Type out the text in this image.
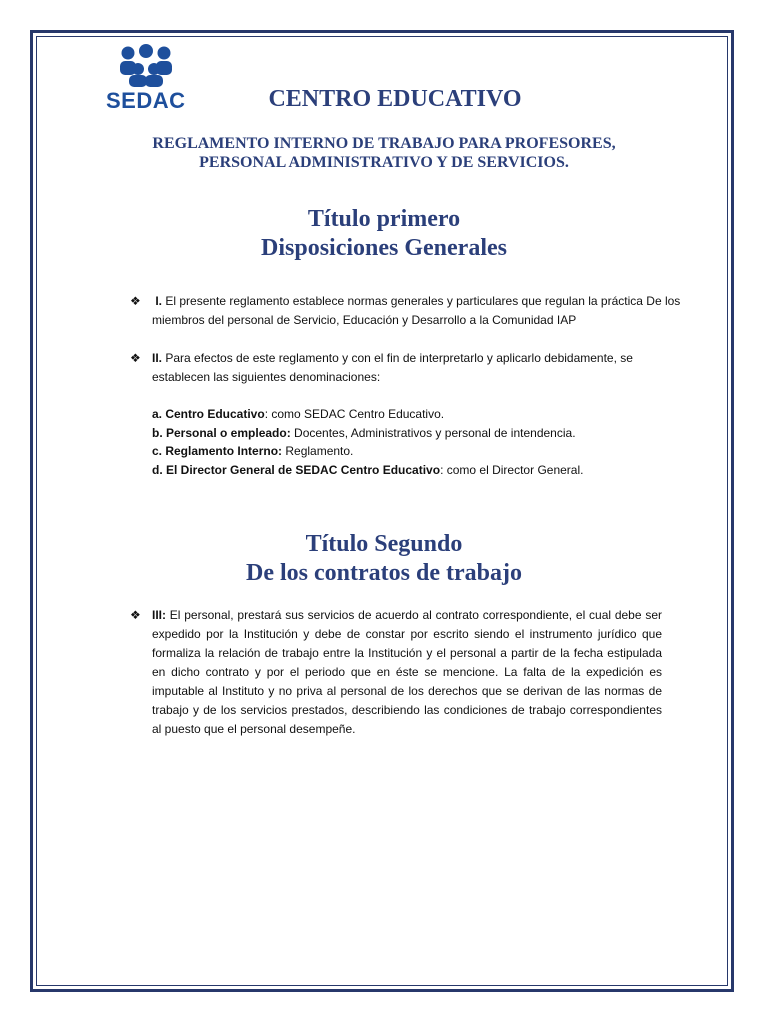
SEDAC	CENTRO EDUCATIVO
REGLAMENTO INTERNO DE TRABAJO PARA PROFESORES,
PERSONAL ADMINISTRATIVO Y DE SERVICIOS.
Título primero
Disposiciones Generales
❖ I. El presente reglamento establece normas generales y particulares que regulan la práctica De los miembros del personal de Servicio, Educación y Desarrollo a la Comunidad IAP
❖ II. Para efectos de este reglamento y con el fin de interpretarlo y aplicarlo debidamente, se establecen las siguientes denominaciones:
a. Centro Educativo: como SEDAC Centro Educativo.
b. Personal o empleado: Docentes, Administrativos y personal de intendencia.
c. Reglamento Interno: Reglamento.
d. El Director General de SEDAC Centro Educativo: como el Director General.
Título Segundo
De los contratos de trabajo
❖ III: El personal, prestará sus servicios de acuerdo al contrato correspondiente, el cual debe ser expedido por la Institución y debe de constar por escrito siendo el instrumento jurídico que formaliza la relación de trabajo entre la Institución y el personal a partir de la fecha estipulada en dicho contrato y por el periodo que en éste se mencione. La falta de la expedición es imputable al Instituto y no priva al personal de los derechos que se derivan de las normas de trabajo y de los servicios prestados, describiendo las condiciones de trabajo correspondientes al puesto que el personal desempeñe.
